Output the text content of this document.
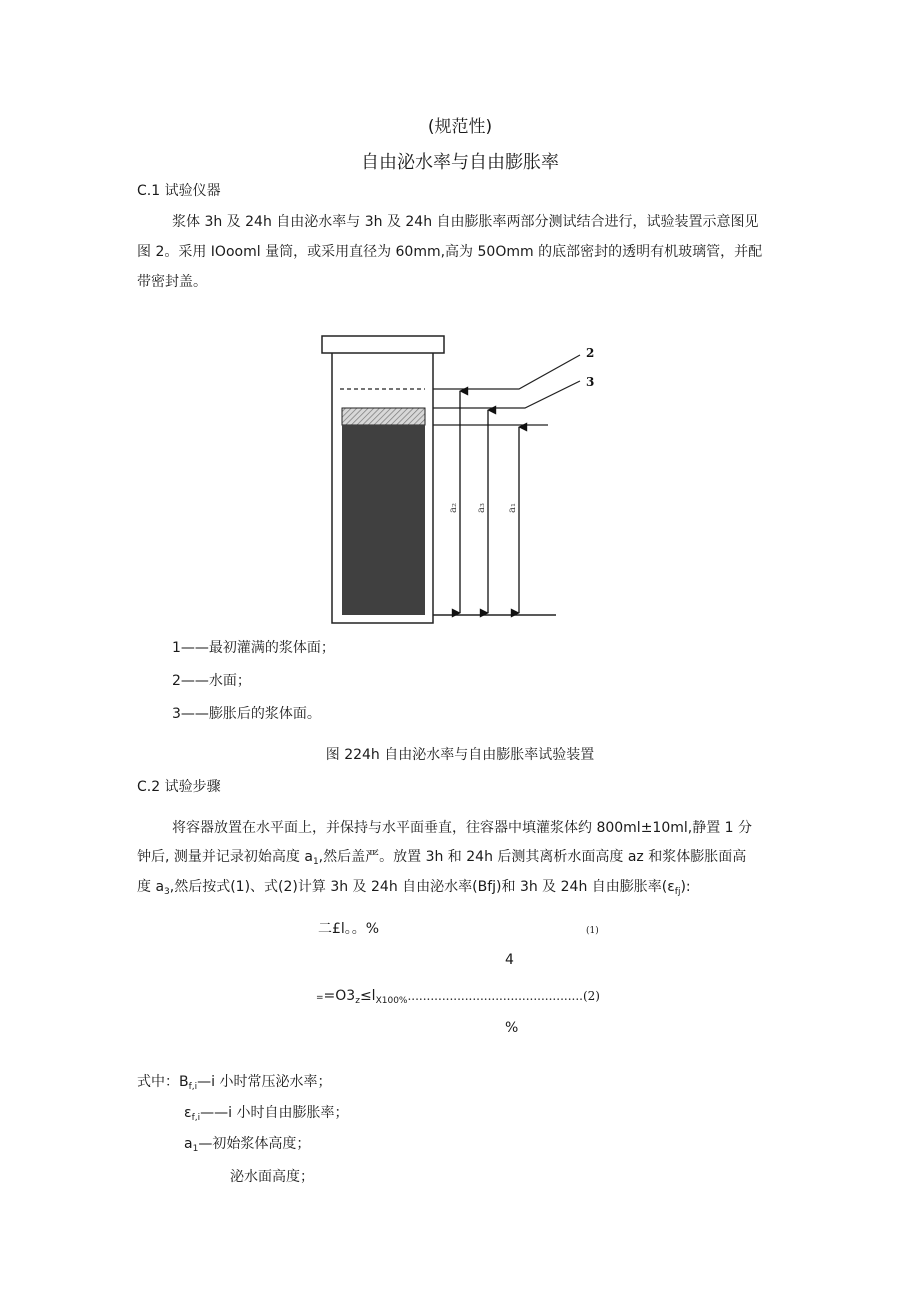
(规范性)
自由泌水率与自由膨胀率
C.1 试验仪器
浆体 3h 及 24h 自由泌水率与 3h 及 24h 自由膨胀率两部分测试结合进行，试验装置示意图见
图 2。采用 IOooml 量筒，或采用直径为 60mm,高为 50Omm 的底部密封的透明有机玻璃管，并配
带密封盖。
a₂ a₃ a₁
2
3
1——最初灌满的浆体面；
2——水面；
3——膨胀后的浆体面。
图 224h 自由泌水率与自由膨胀率试验装置
C.2 试验步骤
将容器放置在水平面上，并保持与水平面垂直，往容器中填灌浆体约 800ml±10ml,静置 1 分
钟后, 测量并记录初始高度 $a_1$,然后盖严。放置 3h 和 24h 后测其离析水面高度 az 和浆体膨胀面高
度 $a_3$,然后按式(1)、式(2)计算 3h 及 24h 自由泌水率(Bfj)和 3h 及 24h 自由膨胀率$(\varepsilon_{fj})$:
二£l。。%	(1)
4
$==O3_z\le l_{X100\%}..............................................(2)$
%
式中：$B_{f,i}—i$ 小时常压泌水率；
$\varepsilon_{f,i}——i$ 小时自由膨胀率；
$a_1—$初始浆体高度；
泌水面高度；
